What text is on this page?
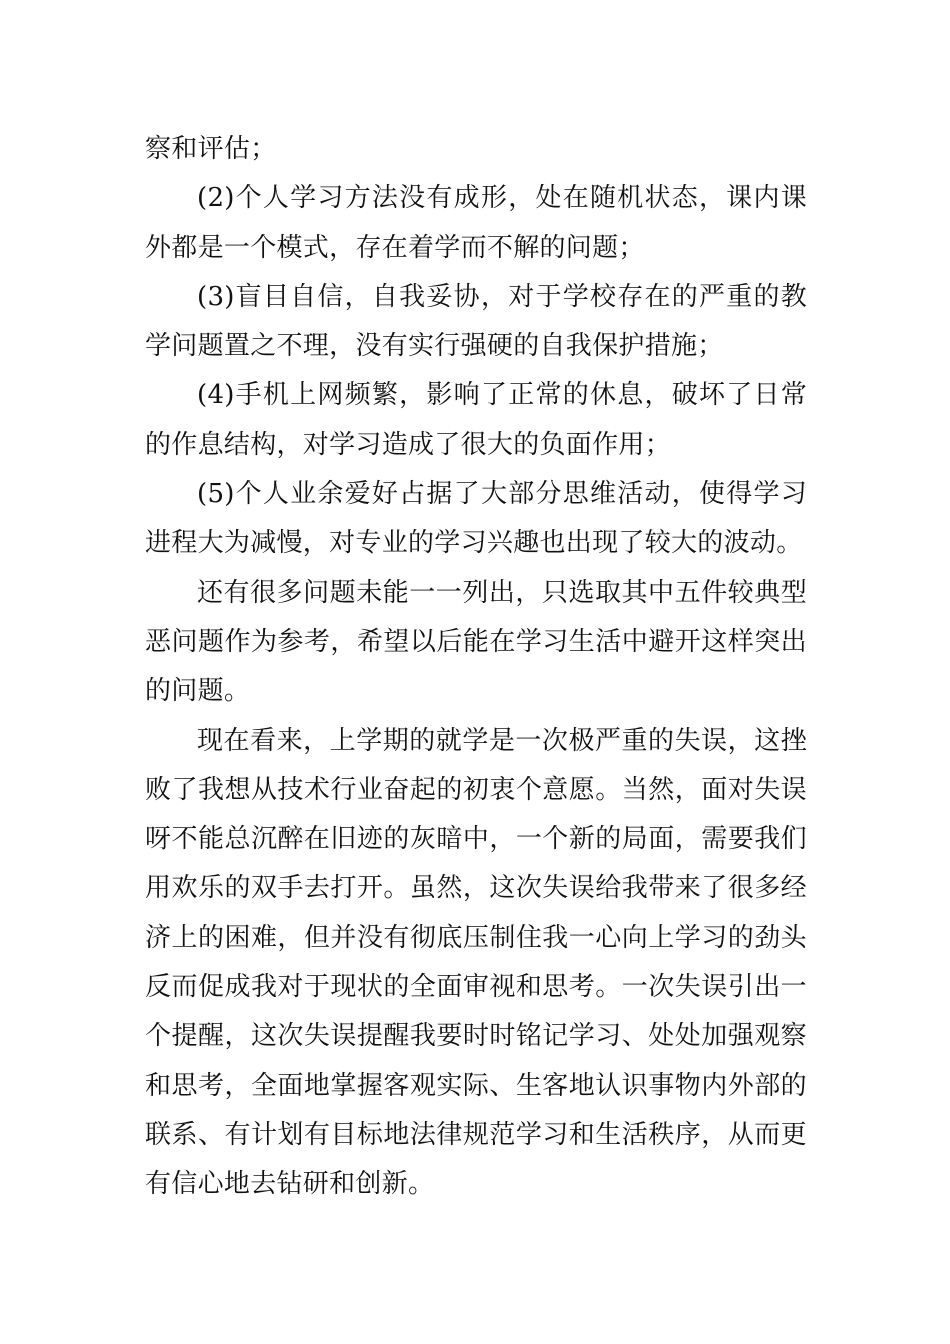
察和评估；

(2)个人学习方法没有成形，处在随机状态，课内课外都是一个模式，存在着学而不解的问题；

(3)盲目自信，自我妥协，对于学校存在的严重的教学问题置之不理，没有实行强硬的自我保护措施；

(4)手机上网频繁，影响了正常的休息，破坏了日常的作息结构，对学习造成了很大的负面作用；

(5)个人业余爱好占据了大部分思维活动，使得学习进程大为减慢，对专业的学习兴趣也出现了较大的波动。

还有很多问题未能一一列出，只选取其中五件较典型恶问题作为参考，希望以后能在学习生活中避开这样突出的问题。

现在看来，上学期的就学是一次极严重的失误，这挫败了我想从技术行业奋起的初衷个意愿。当然，面对失误呀不能总沉醉在旧迹的灰暗中，一个新的局面，需要我们用欢乐的双手去打开。虽然，这次失误给我带来了很多经济上的困难，但并没有彻底压制住我一心向上学习的劲头反而促成我对于现状的全面审视和思考。一次失误引出一个提醒，这次失误提醒我要时时铭记学习、处处加强观察和思考，全面地掌握客观实际、生客地认识事物内外部的联系、有计划有目标地法律规范学习和生活秩序，从而更有信心地去钻研和创新。
